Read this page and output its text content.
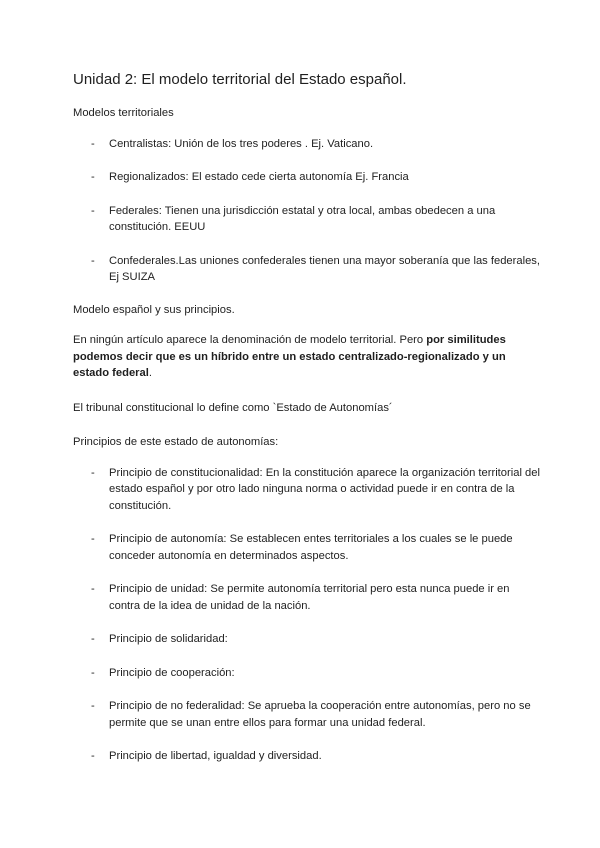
Unidad 2: El modelo territorial del Estado español.

Modelos territoriales

- Centralistas: Unión de los tres poderes . Ej. Vaticano.
- Regionalizados: El estado cede cierta autonomía Ej. Francia
- Federales: Tienen una jurisdicción estatal y otra local, ambas obedecen a una constitución. EEUU
- Confederales.Las uniones confederales tienen una mayor soberanía que las federales, Ej SUIZA

Modelo español y sus principios.

En ningún artículo aparece la denominación de modelo territorial. Pero por similitudes podemos decir que es un híbrido entre un estado centralizado-regionalizado y un estado federal.

El tribunal constitucional lo define como `Estado de Autonomías´

Principios de este estado de autonomías:

- Principio de constitucionalidad: En la constitución aparece la organización territorial del estado español y por otro lado ninguna norma o actividad puede ir en contra de la constitución.
- Principio de autonomía: Se establecen entes territoriales a los cuales se le puede conceder autonomía en determinados aspectos.
- Principio de unidad: Se permite autonomía territorial pero esta nunca puede ir en contra de la idea de unidad de la nación.
- Principio de solidaridad:
- Principio de cooperación:
- Principio de no federalidad: Se aprueba la cooperación entre autonomías, pero no se permite que se unan entre ellos para formar una unidad federal.
- Principio de libertad, igualdad y diversidad.
